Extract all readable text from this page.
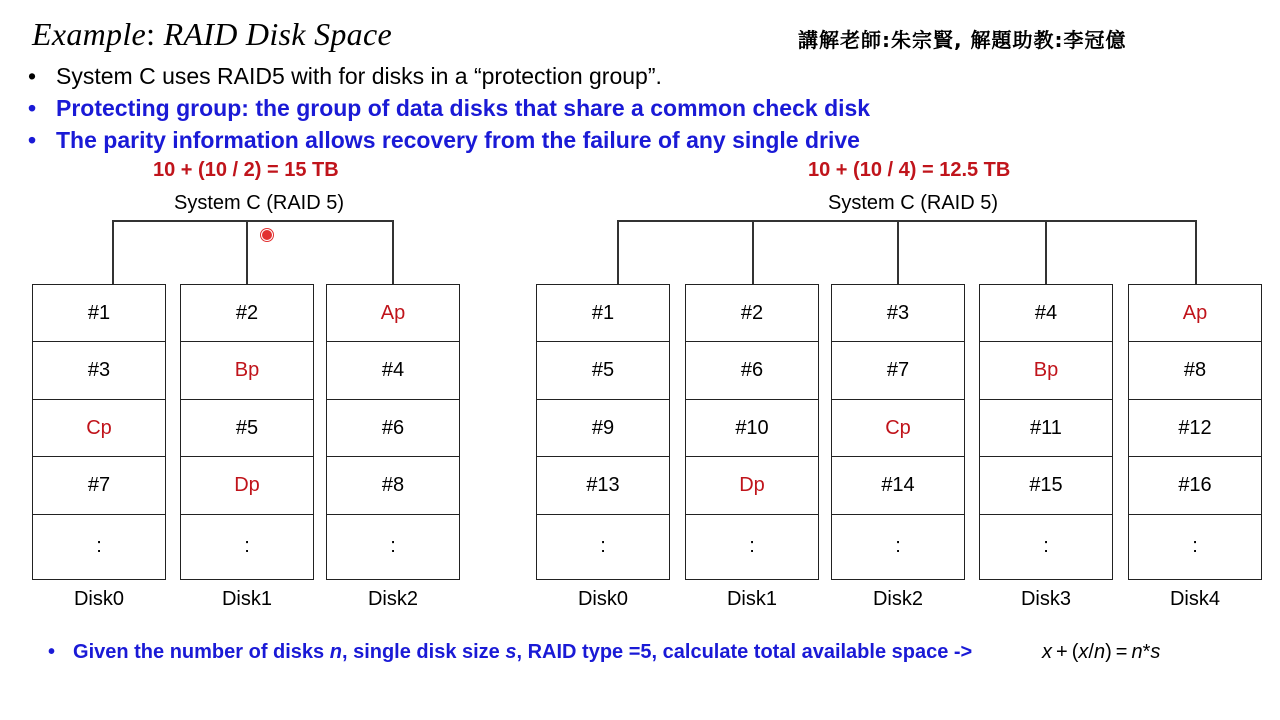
Example: RAID Disk Space	講解老師:朱宗賢, 解題助教:李冠億
• System C uses RAID5 with for disks in a “protection group”.
• Protecting group: the group of data disks that share a common check disk
• The parity information allows recovery from the failure of any single drive
10 + (10 / 2) = 15 TB
System C (RAID 5)
#1
#3
Cp
#7
:
Disk0
#2
Bp
#5
Dp
:
Disk1
Ap
#4
#6
#8
:
Disk2
10 + (10 / 4) = 12.5 TB
System C (RAID 5)
#1
#5
#9
#13
:
Disk0
#2
#6
#10
Dp
:
Disk1
#3
#7
Cp
#14
:
Disk2
#4
Bp
#11
#15
:
Disk3
Ap
#8
#12
#16
:
Disk4
• Given the number of disks n, single disk size s, RAID type =5, calculate total available space ->	x  +  (x/n)  =  n*s
